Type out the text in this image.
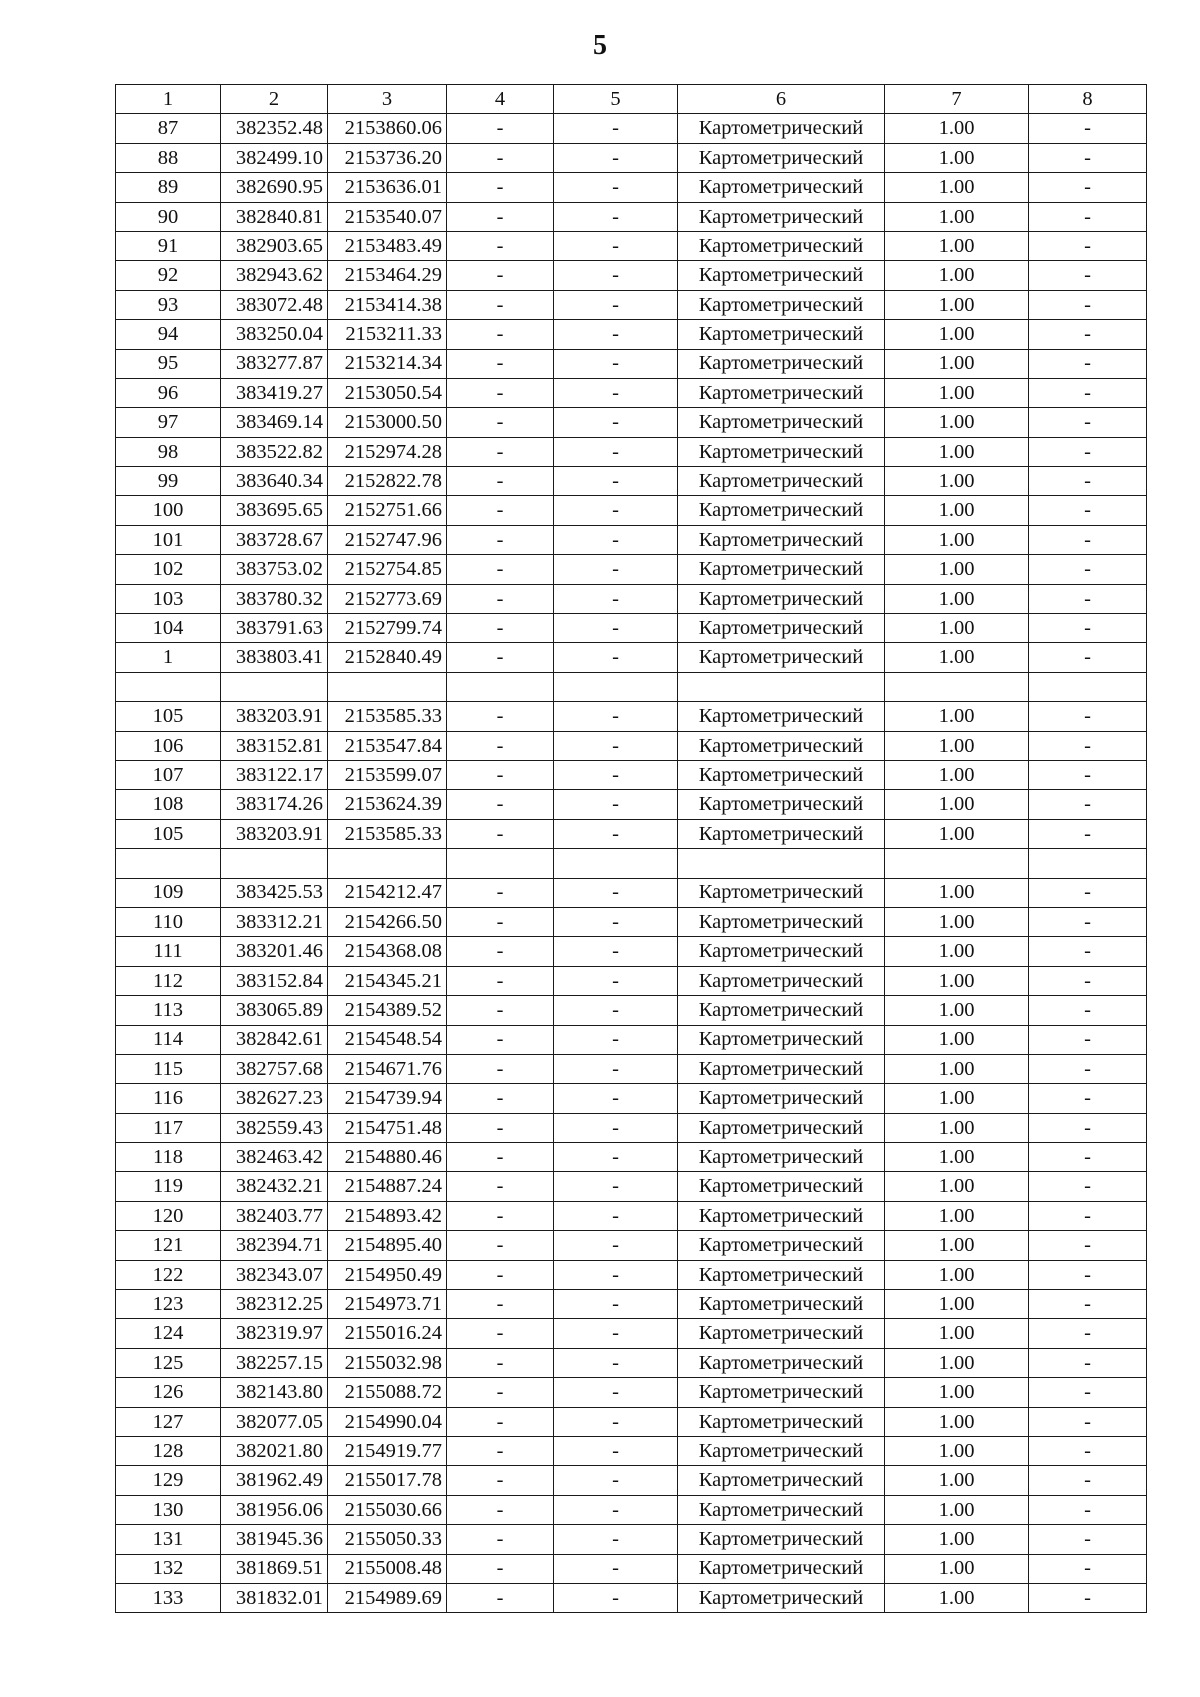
5
1	2	3	4	5	6	7	8
87	382352.48	2153860.06	-	-	Картометрический	1.00	-
88	382499.10	2153736.20	-	-	Картометрический	1.00	-
89	382690.95	2153636.01	-	-	Картометрический	1.00	-
90	382840.81	2153540.07	-	-	Картометрический	1.00	-
91	382903.65	2153483.49	-	-	Картометрический	1.00	-
92	382943.62	2153464.29	-	-	Картометрический	1.00	-
93	383072.48	2153414.38	-	-	Картометрический	1.00	-
94	383250.04	2153211.33	-	-	Картометрический	1.00	-
95	383277.87	2153214.34	-	-	Картометрический	1.00	-
96	383419.27	2153050.54	-	-	Картометрический	1.00	-
97	383469.14	2153000.50	-	-	Картометрический	1.00	-
98	383522.82	2152974.28	-	-	Картометрический	1.00	-
99	383640.34	2152822.78	-	-	Картометрический	1.00	-
100	383695.65	2152751.66	-	-	Картометрический	1.00	-
101	383728.67	2152747.96	-	-	Картометрический	1.00	-
102	383753.02	2152754.85	-	-	Картометрический	1.00	-
103	383780.32	2152773.69	-	-	Картометрический	1.00	-
104	383791.63	2152799.74	-	-	Картометрический	1.00	-
1	383803.41	2152840.49	-	-	Картометрический	1.00	-

105	383203.91	2153585.33	-	-	Картометрический	1.00	-
106	383152.81	2153547.84	-	-	Картометрический	1.00	-
107	383122.17	2153599.07	-	-	Картометрический	1.00	-
108	383174.26	2153624.39	-	-	Картометрический	1.00	-
105	383203.91	2153585.33	-	-	Картометрический	1.00	-

109	383425.53	2154212.47	-	-	Картометрический	1.00	-
110	383312.21	2154266.50	-	-	Картометрический	1.00	-
111	383201.46	2154368.08	-	-	Картометрический	1.00	-
112	383152.84	2154345.21	-	-	Картометрический	1.00	-
113	383065.89	2154389.52	-	-	Картометрический	1.00	-
114	382842.61	2154548.54	-	-	Картометрический	1.00	-
115	382757.68	2154671.76	-	-	Картометрический	1.00	-
116	382627.23	2154739.94	-	-	Картометрический	1.00	-
117	382559.43	2154751.48	-	-	Картометрический	1.00	-
118	382463.42	2154880.46	-	-	Картометрический	1.00	-
119	382432.21	2154887.24	-	-	Картометрический	1.00	-
120	382403.77	2154893.42	-	-	Картометрический	1.00	-
121	382394.71	2154895.40	-	-	Картометрический	1.00	-
122	382343.07	2154950.49	-	-	Картометрический	1.00	-
123	382312.25	2154973.71	-	-	Картометрический	1.00	-
124	382319.97	2155016.24	-	-	Картометрический	1.00	-
125	382257.15	2155032.98	-	-	Картометрический	1.00	-
126	382143.80	2155088.72	-	-	Картометрический	1.00	-
127	382077.05	2154990.04	-	-	Картометрический	1.00	-
128	382021.80	2154919.77	-	-	Картометрический	1.00	-
129	381962.49	2155017.78	-	-	Картометрический	1.00	-
130	381956.06	2155030.66	-	-	Картометрический	1.00	-
131	381945.36	2155050.33	-	-	Картометрический	1.00	-
132	381869.51	2155008.48	-	-	Картометрический	1.00	-
133	381832.01	2154989.69	-	-	Картометрический	1.00	-
